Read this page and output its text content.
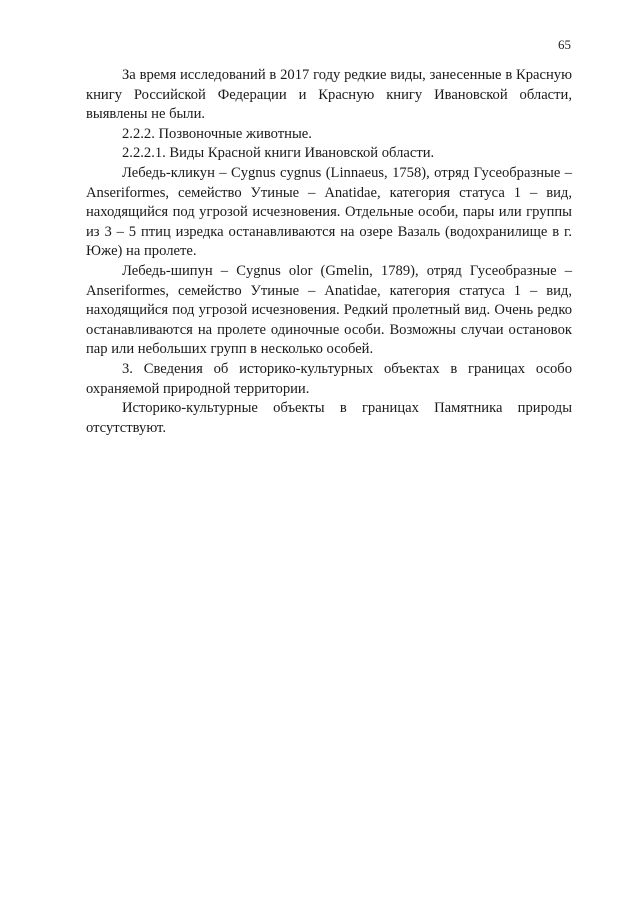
65

За время исследований в 2017 году редкие виды, занесенные в Красную книгу Российской Федерации и Красную книгу Ивановской области, выявлены не были.

2.2.2. Позвоночные животные.

2.2.2.1. Виды Красной книги Ивановской области.

Лебедь-кликун – Cygnus cygnus (Linnaeus, 1758), отряд Гусеобразные – Anseriformes, семейство Утиные – Anatidae, категория статуса 1 – вид, находящийся под угрозой исчезновения. Отдельные особи, пары или группы из 3 – 5 птиц изредка останавливаются на озере Вазаль (водохранилище в г. Юже) на пролете.

Лебедь-шипун – Cygnus olor (Gmelin, 1789), отряд Гусеобразные – Anseriformes, семейство Утиные – Anatidae, категория статуса 1 – вид, находящийся под угрозой исчезновения. Редкий пролетный вид. Очень редко останавливаются на пролете одиночные особи. Возможны случаи остановок пар или небольших групп в несколько особей.

3. Сведения об историко-культурных объектах в границах особо охраняемой природной территории.

Историко-культурные объекты в границах Памятника природы отсутствуют.
